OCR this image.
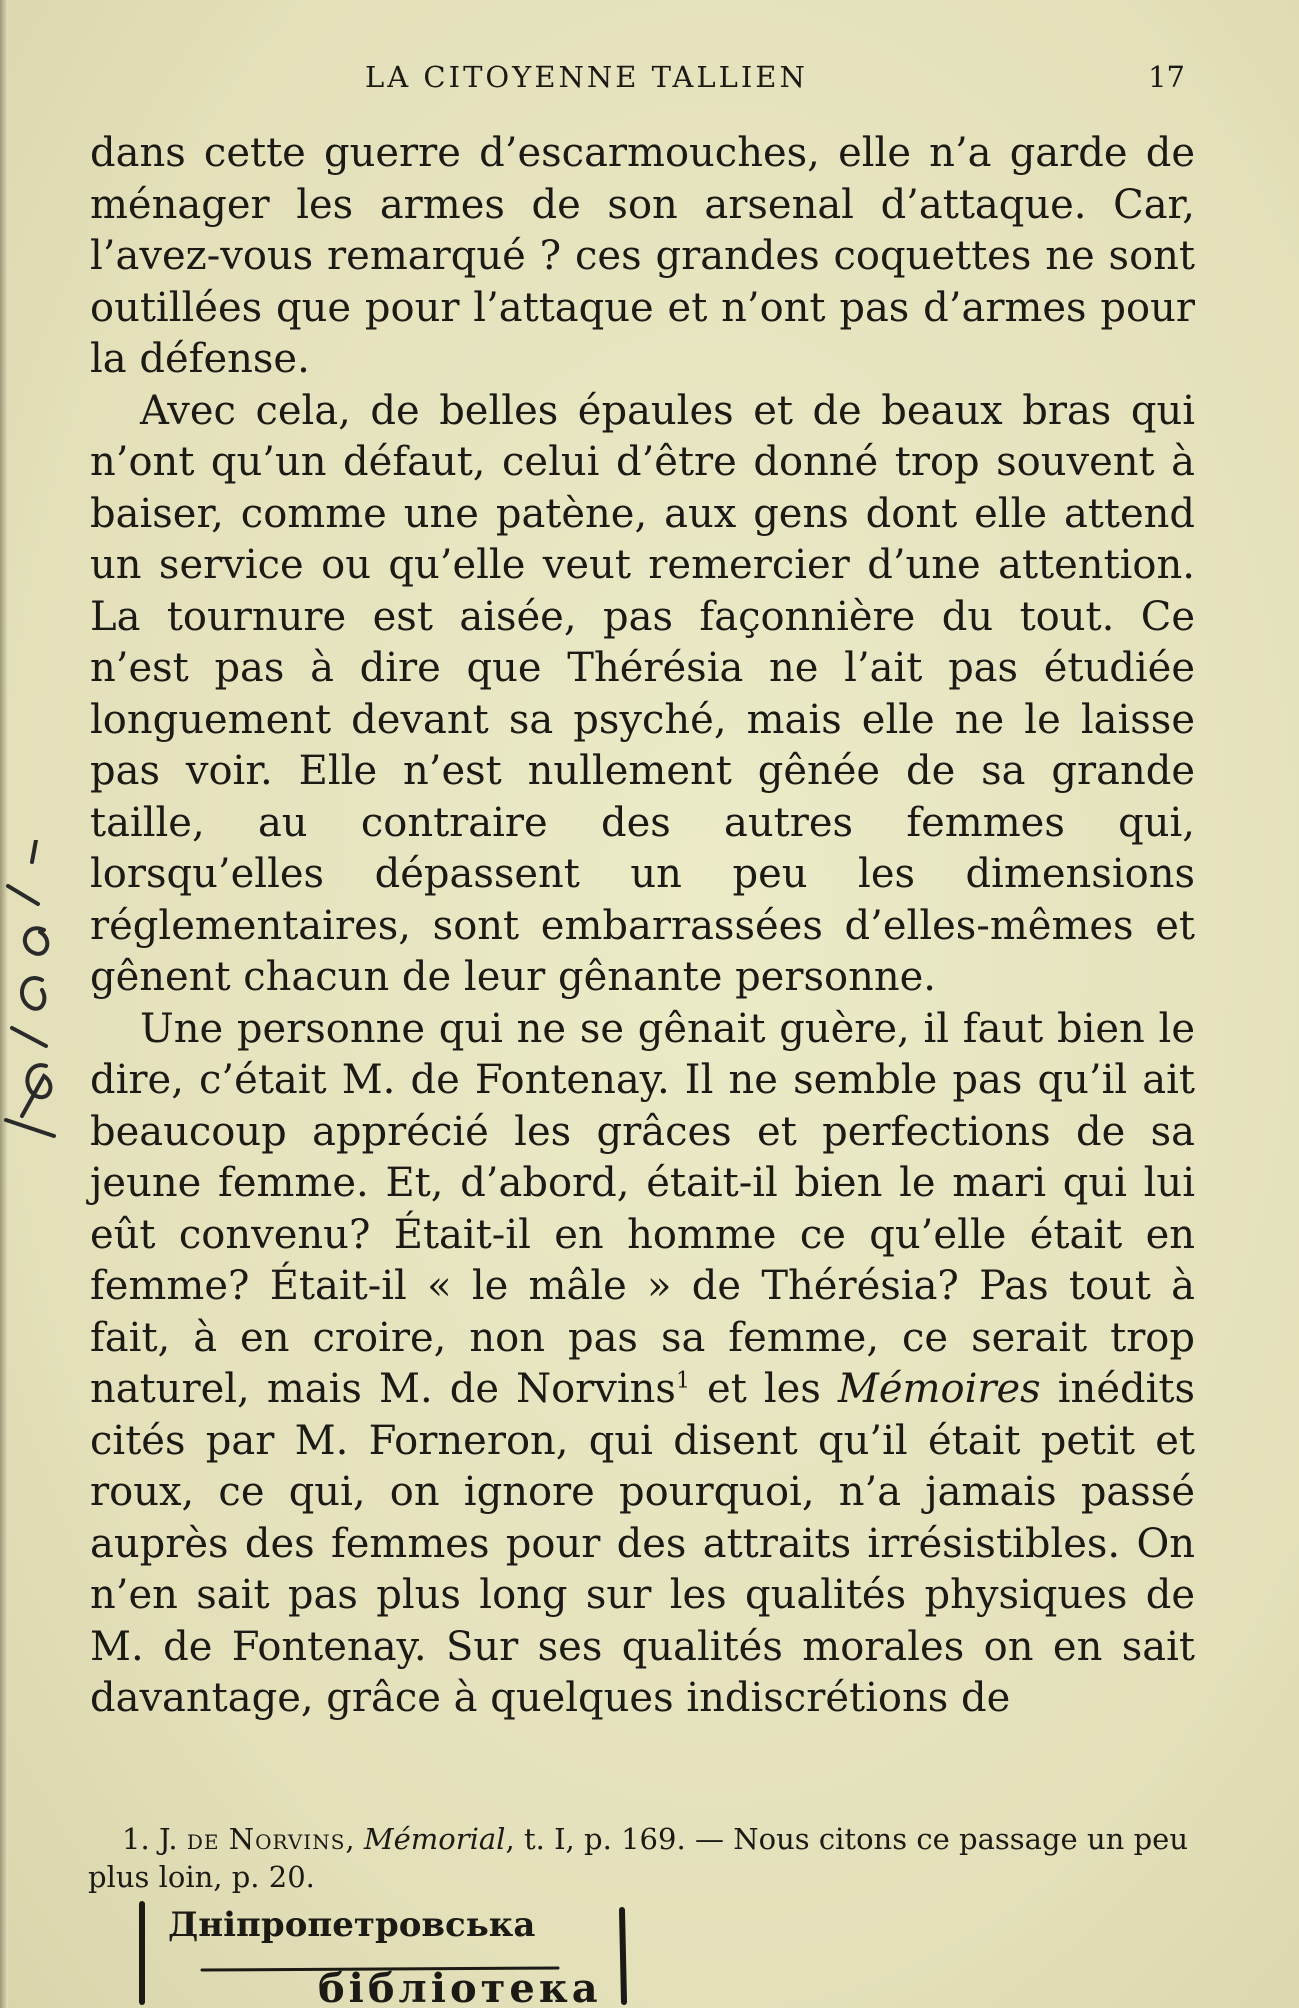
LA CITOYENNE TALLIEN	17

dans cette guerre d’escarmouches, elle n’a garde de ménager les armes de son arsenal d’attaque. Car, l’avez-vous remarqué ? ces grandes coquettes ne sont outillées que pour l’attaque et n’ont pas d’armes pour la défense.

Avec cela, de belles épaules et de beaux bras qui n’ont qu’un défaut, celui d’être donné trop souvent à baiser, comme une patène, aux gens dont elle attend un service ou qu’elle veut remercier d’une attention. La tournure est aisée, pas façonnière du tout. Ce n’est pas à dire que Thérésia ne l’ait pas étudiée longuement devant sa psyché, mais elle ne le laisse pas voir. Elle n’est nullement gênée de sa grande taille, au contraire des autres femmes qui, lorsqu’elles dépassent un peu les dimensions réglementaires, sont embarrassées d’elles-mêmes et gênent chacun de leur gênante personne.

Une personne qui ne se gênait guère, il faut bien le dire, c’était M. de Fontenay. Il ne semble pas qu’il ait beaucoup apprécié les grâces et perfections de sa jeune femme. Et, d’abord, était-il bien le mari qui lui eût convenu? Était-il en homme ce qu’elle était en femme? Était-il « le mâle » de Thérésia? Pas tout à fait, à en croire, non pas sa femme, ce serait trop naturel, mais M. de Norvins$^1$ et les Mémoires inédits cités par M. Forneron, qui disent qu’il était petit et roux, ce qui, on ignore pourquoi, n’a jamais passé auprès des femmes pour des attraits irrésistibles. On n’en sait pas plus long sur les qualités physiques de M. de Fontenay. Sur ses qualités morales on en sait davantage, grâce à quelques indiscrétions de

1. J. de Norvins, Mémorial, t. I, p. 169. — Nous citons ce passage un peu plus loin, p. 20.

Днiпропетровська
бiблiотека
